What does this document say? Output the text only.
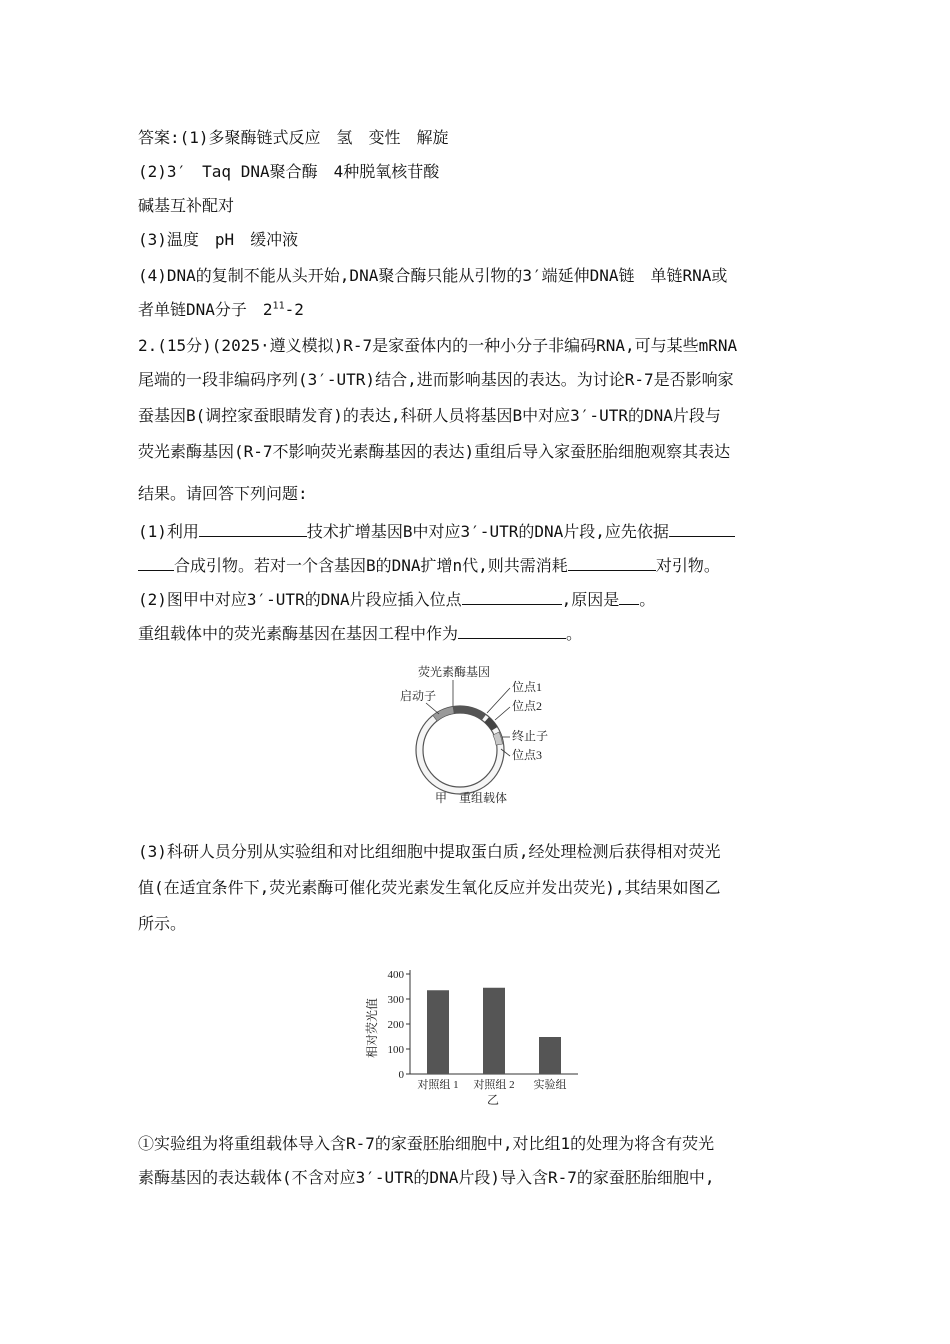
答案:(1)多聚酶链式反应　氢　变性　解旋
(2)3′　Taq DNA聚合酶　4种脱氧核苷酸
碱基互补配对
(3)温度　pH　缓冲液
(4)DNA的复制不能从头开始,DNA聚合酶只能从引物的3′端延伸DNA链　单链RNA或
者单链DNA分子　$2^{11}-2$
2.(15分)(2025·遵义模拟)R-7是家蚕体内的一种小分子非编码RNA,可与某些mRNA
尾端的一段非编码序列(3′-UTR)结合,进而影响基因的表达。为讨论R-7是否影响家
蚕基因B(调控家蚕眼睛发育)的表达,科研人员将基因B中对应3′-UTR的DNA片段与
荧光素酶基因(R-7不影响荧光素酶基因的表达)重组后导入家蚕胚胎细胞观察其表达
结果。请回答下列问题:
(1)利用	技术扩增基因B中对应3′-UTR的DNA片段,应先依据
合成引物。若对一个含基因B的DNA扩增n代,则共需消耗	对引物。
(2)图甲中对应3′-UTR的DNA片段应插入位点	,原因是 。
重组载体中的荧光素酶基因在基因工程中作为	。
荧光素酶基因
启动子
位点1
位点2
终止子
位点3
甲　重组载体
(3)科研人员分别从实验组和对比组细胞中提取蛋白质,经处理检测后获得相对荧光
值(在适宜条件下,荧光素酶可催化荧光素发生氧化反应并发出荧光),其结果如图乙
所示。
0
100
200
300
400
对照组 1 对照组 2 实验组
相对荧光值
乙
①实验组为将重组载体导入含R-7的家蚕胚胎细胞中,对比组1的处理为将含有荧光
素酶基因的表达载体(不含对应3′-UTR的DNA片段)导入含R-7的家蚕胚胎细胞中,
